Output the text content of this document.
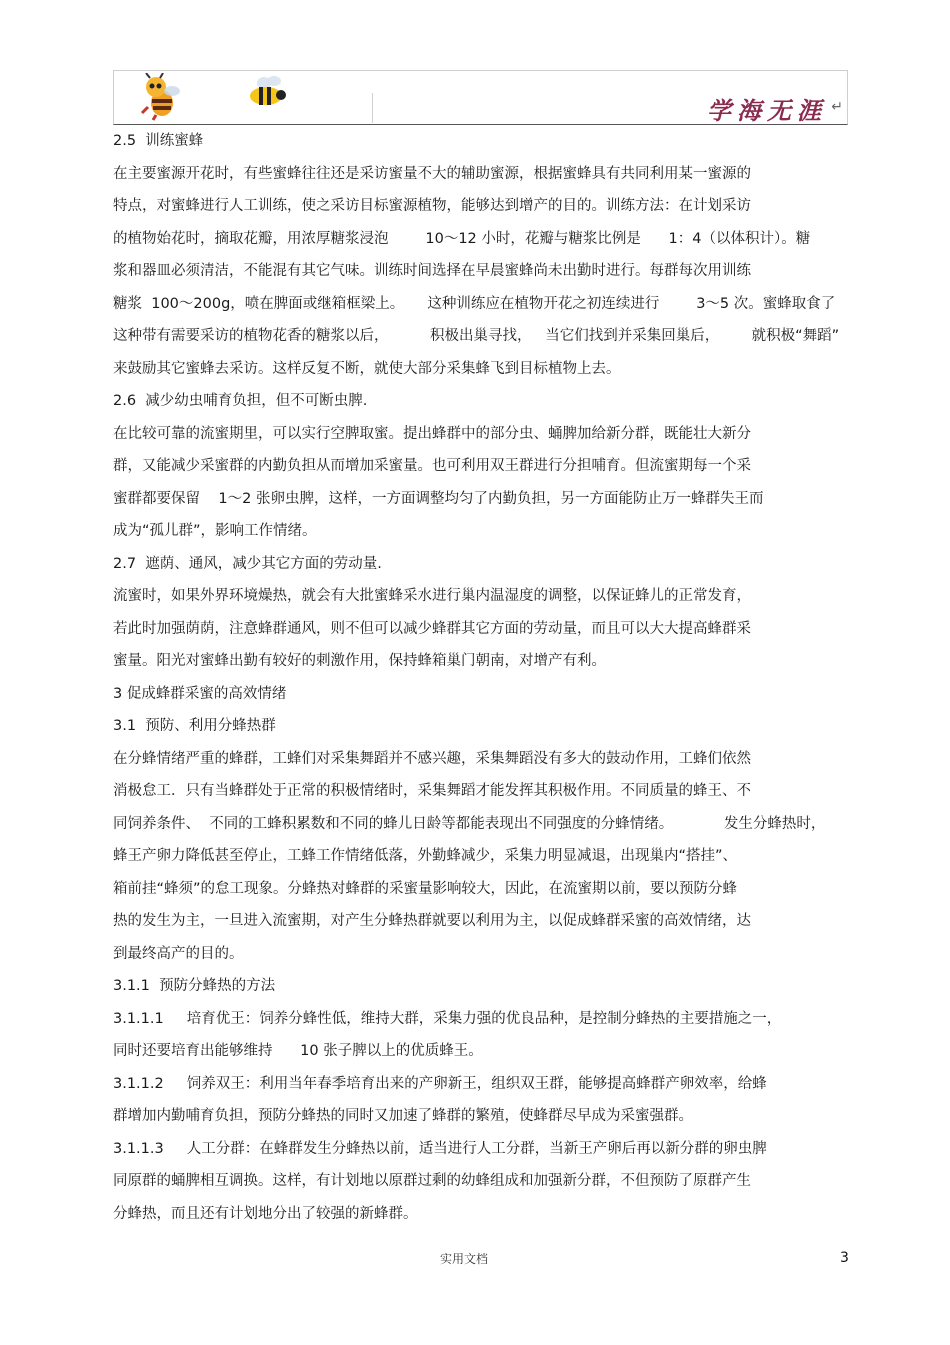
学海无涯 ↵

2.5  训练蜜蜂

在主要蜜源开花时，有些蜜蜂往往还是采访蜜量不大的辅助蜜源，根据蜜蜂具有共同利用某一蜜源的

特点，对蜜蜂进行人工训练，使之采访目标蜜源植物，能够达到增产的目的。训练方法：在计划采访

的植物始花时，摘取花瓣，用浓厚糖浆浸泡        10～12 小时，花瓣与糖浆比例是      1：4（以体积计）。糖

浆和器皿必须清洁，不能混有其它气味。训练时间选择在早晨蜜蜂尚未出勤时进行。每群每次用训练

糖浆  100～200g，喷在脾面或继箱框梁上。     这种训练应在植物开花之初连续进行        3～5 次。蜜蜂取食了

这种带有需要采访的植物花香的糖浆以后，         积极出巢寻找，   当它们找到并采集回巢后，       就积极“舞蹈”

来鼓励其它蜜蜂去采访。这样反复不断，就使大部分采集蜂飞到目标植物上去。

2.6  减少幼虫哺育负担，但不可断虫脾.

在比较可靠的流蜜期里，可以实行空脾取蜜。提出蜂群中的部分虫、蛹脾加给新分群，既能壮大新分

群，又能减少采蜜群的内勤负担从而增加采蜜量。也可利用双王群进行分担哺育。但流蜜期每一个采

蜜群都要保留    1～2 张卵虫脾，这样，一方面调整均匀了内勤负担，另一方面能防止万一蜂群失王而

成为“孤儿群”，影响工作情绪。

2.7  遮荫、通风，减少其它方面的劳动量.

流蜜时，如果外界环境燥热，就会有大批蜜蜂采水进行巢内温湿度的调整，以保证蜂儿的正常发育，

若此时加强荫荫，注意蜂群通风，则不但可以减少蜂群其它方面的劳动量，而且可以大大提高蜂群采

蜜量。阳光对蜜蜂出勤有较好的刺激作用，保持蜂箱巢门朝南，对增产有利。

3 促成蜂群采蜜的高效情绪

3.1  预防、利用分蜂热群

在分蜂情绪严重的蜂群，工蜂们对采集舞蹈并不感兴趣，采集舞蹈没有多大的鼓动作用，工蜂们依然

消极怠工．只有当蜂群处于正常的积极情绪时，采集舞蹈才能发挥其积极作用。不同质量的蜂王、不

同饲养条件、  不同的工蜂积累数和不同的蜂儿日龄等都能表现出不同强度的分蜂情绪。           发生分蜂热时，

蜂王产卵力降低甚至停止，工蜂工作情绪低落，外勤蜂减少，采集力明显减退，出现巢内“搭挂”、

箱前挂“蜂须”的怠工现象。分蜂热对蜂群的采蜜量影响较大，因此，在流蜜期以前，要以预防分蜂

热的发生为主，一旦进入流蜜期，对产生分蜂热群就要以利用为主，以促成蜂群采蜜的高效情绪，达

到最终高产的目的。

3.1.1  预防分蜂热的方法

3.1.1.1     培育优王：饲养分蜂性低，维持大群，采集力强的优良品种，是控制分蜂热的主要措施之一，

同时还要培育出能够维持      10 张子脾以上的优质蜂王。

3.1.1.2     饲养双王：利用当年春季培育出来的产卵新王，组织双王群，能够提高蜂群产卵效率，给蜂

群增加内勤哺育负担，预防分蜂热的同时又加速了蜂群的繁殖，使蜂群尽早成为采蜜强群。

3.1.1.3     人工分群：在蜂群发生分蜂热以前，适当进行人工分群，当新王产卵后再以新分群的卵虫脾

同原群的蛹脾相互调换。这样，有计划地以原群过剩的幼蜂组成和加强新分群，不但预防了原群产生

分蜂热，而且还有计划地分出了较强的新蜂群。

实用文档	3
